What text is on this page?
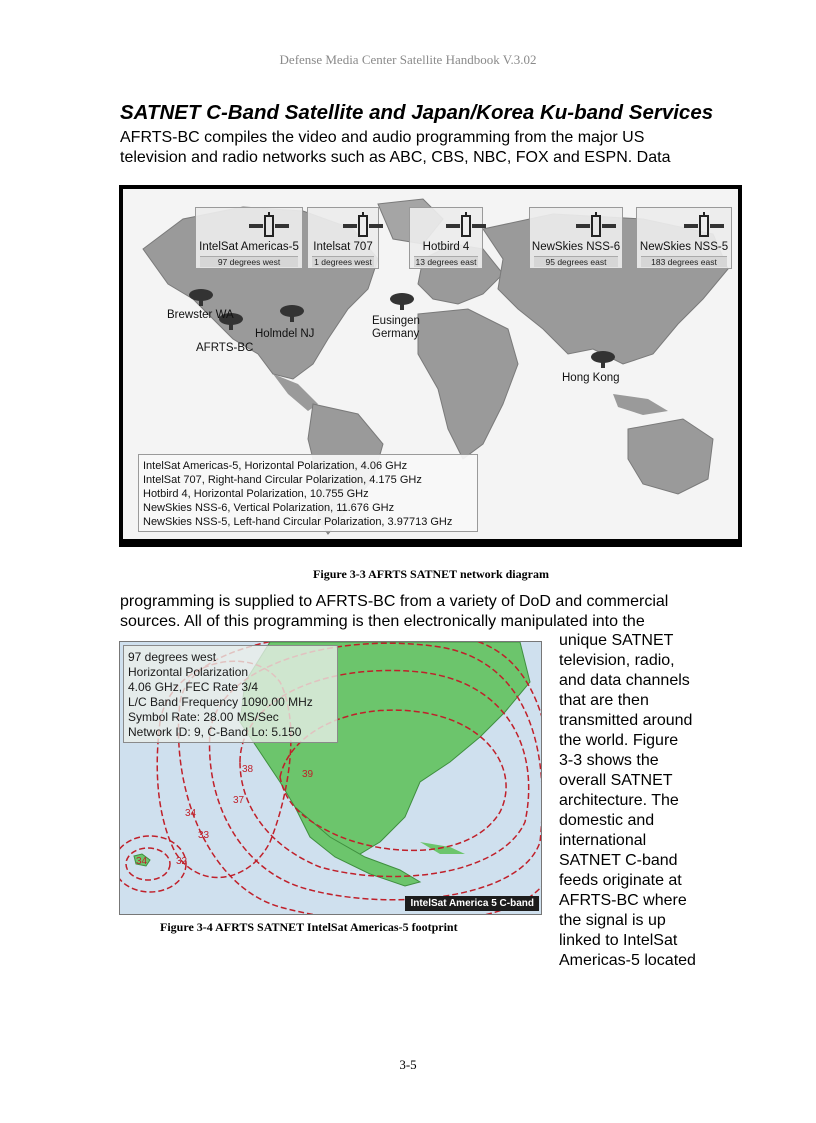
Defense Media Center Satellite Handbook V.3.02
SATNET C-Band Satellite and Japan/Korea Ku-band Services
AFRTS-BC compiles the video and audio programming from the major US
television and radio networks such as ABC, CBS, NBC, FOX and ESPN. Data
IntelSat Americas-5
97 degrees west
Intelsat 707
1 degrees west
Hotbird 4
13 degrees east
NewSkies NSS-6
95 degrees east
NewSkies NSS-5
183 degrees east
Brewster WA
Holmdel NJ
AFRTS-BC
Eusingen
Germany
Hong Kong
IntelSat Americas-5, Horizontal Polarization, 4.06 GHz
IntelSat 707, Right-hand Circular Polarization, 4.175 GHz
Hotbird 4, Horizontal Polarization, 10.755 GHz
NewSkies NSS-6, Vertical Polarization, 11.676 GHz
NewSkies NSS-5, Left-hand Circular Polarization, 3.97713 GHz
Figure 3-3 AFRTS SATNET network diagram
programming is supplied to AFRTS-BC from a variety of DoD and commercial
sources. All of this programming is then electronically manipulated into the
38	39
37
34
33
34	32
97 degrees west
Horizontal Polarization
4.06 GHz, FEC Rate 3/4
L/C Band Frequency 1090.00 MHz
Symbol Rate: 28.00 MS/Sec
Network ID: 9, C-Band Lo: 5.150
IntelSat America 5 C-band
Figure 3-4 AFRTS SATNET IntelSat Americas-5 footprint
unique SATNET
television, radio,
and data channels
that are then
transmitted around
the world. Figure
3-3 shows the
overall SATNET
architecture. The
domestic and
international
SATNET C-band
feeds originate at
AFRTS-BC where
the signal is up
linked to IntelSat
Americas-5 located
3-5
